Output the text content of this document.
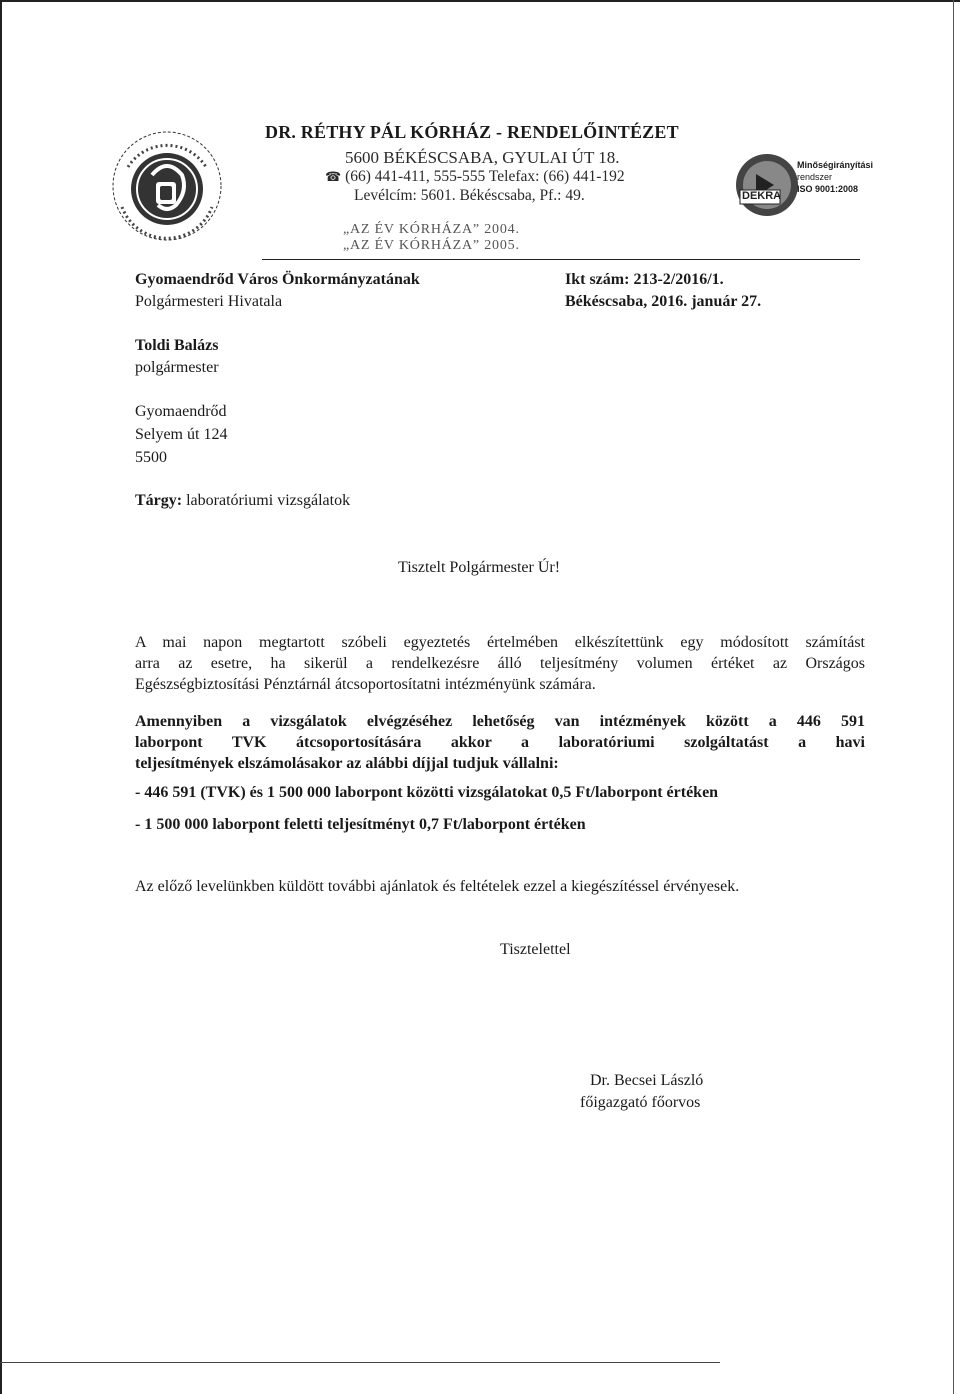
DR. RÉTHY PÁL KÓRHÁZ - RENDELŐINTÉZET
5600 BÉKÉSCSABA, GYULAI ÚT 18.
☎ (66) 441-411, 555-555 Telefax: (66) 441-192
Levélcím: 5601. Békéscsaba, Pf.: 49.
„AZ ÉV KÓRHÁZA” 2004.
„AZ ÉV KÓRHÁZA” 2005.
DEKRA
Minőségirányítási
rendszer
ISO 9001:2008
Gyomaendrőd Város Önkormányzatának
Polgármesteri Hivatala
Ikt szám: 213-2/2016/1.
Békéscsaba, 2016. január 27.
Toldi Balázs
polgármester
Gyomaendrőd
Selyem út 124
5500
Tárgy: laboratóriumi vizsgálatok
Tisztelt Polgármester Úr!
A mai napon megtartott szóbeli egyeztetés értelmében elkészítettünk egy módosított számítást
arra az esetre, ha sikerül a rendelkezésre álló teljesítmény volumen értéket az Országos
Egészségbiztosítási Pénztárnál átcsoportosítatni intézményünk számára.
Amennyiben a vizsgálatok elvégzéséhez lehetőség van intézmények között a 446 591
laborpont TVK átcsoportosítására akkor a laboratóriumi szolgáltatást a havi
teljesítmények elszámolásakor az alábbi díjjal tudjuk vállalni:
- 446 591 (TVK) és 1 500 000 laborpont közötti vizsgálatokat 0,5 Ft/laborpont értéken
- 1 500 000 laborpont feletti teljesítményt 0,7 Ft/laborpont értéken
Az előző levelünkben küldött további ajánlatok és feltételek ezzel a kiegészítéssel érvényesek.
Tisztelettel
Dr. Becsei László
főigazgató főorvos
